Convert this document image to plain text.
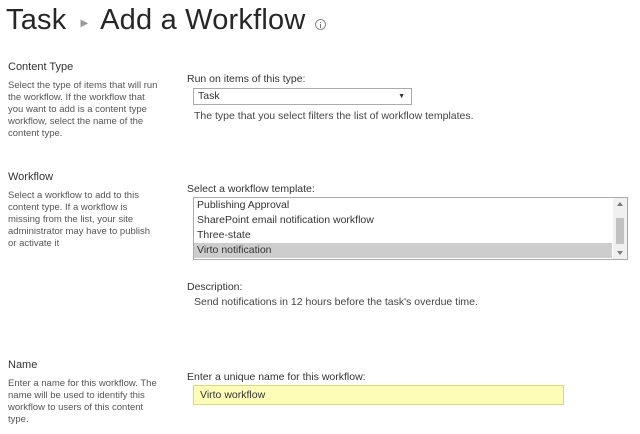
Task ▶ Add a Workflow
Content Type
Select the type of items that will run the workflow. If the workflow that you want to add is a content type workflow, select the name of the content type.
Run on items of this type:
Task	▼
The type that you select filters the list of workflow templates.
Workflow
Select a workflow to add to this content type. If a workflow is missing from the list, your site administrator may have to publish or activate it
Select a workflow template:
Publishing Approval
SharePoint email notification workflow
Three-state
Virto notification
Description:
Send notifications in 12 hours before the task's overdue time.
Name
Enter a name for this workflow. The name will be used to identify this workflow to users of this content type.
Enter a unique name for this workflow:
Virto workflow
